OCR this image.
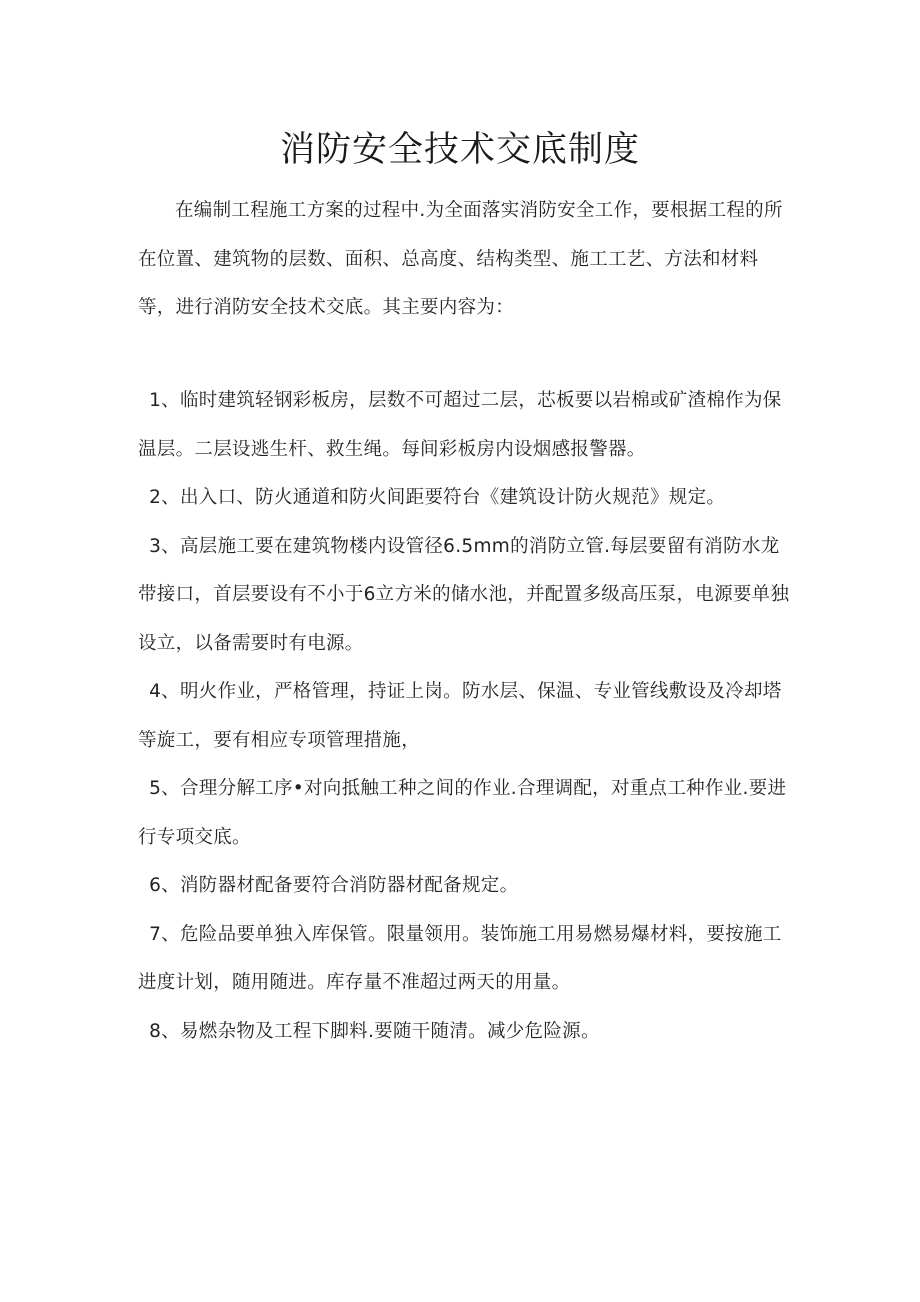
消防安全技术交底制度

在编制工程施工方案的过程中.为全面落实消防安全工作，要根据工程的所在位置、建筑物的层数、面积、总高度、结构类型、施工工艺、方法和材料等，进行消防安全技术交底。其主要内容为：

1、临时建筑轻钢彩板房，层数不可超过二层，芯板要以岩棉或矿渣棉作为保温层。二层设逃生杆、救生绳。每间彩板房内设烟感报警器。

2、出入口、防火通道和防火间距要符台《建筑设计防火规范》规定。

3、高层施工要在建筑物楼内设管径6.5mm的消防立管.每层要留有消防水龙带接口，首层要设有不小于6立方米的储水池，并配置多级高压泵，电源要单独设立，以备需要时有电源。

4、明火作业，严格管理，持证上岗。防水层、保温、专业管线敷设及冷却塔等旋工，要有相应专项管理措施，

5、合理分解工序•对向抵触工种之间的作业.合理调配，对重点工种作业.要进行专项交底。

6、消防器材配备要符合消防器材配备规定。

7、危险品要单独入库保管。限量领用。装饰施工用易燃易爆材料，要按施工进度计划，随用随进。库存量不准超过两天的用量。

8、易燃杂物及工程下脚料.要随干随清。减少危险源。
